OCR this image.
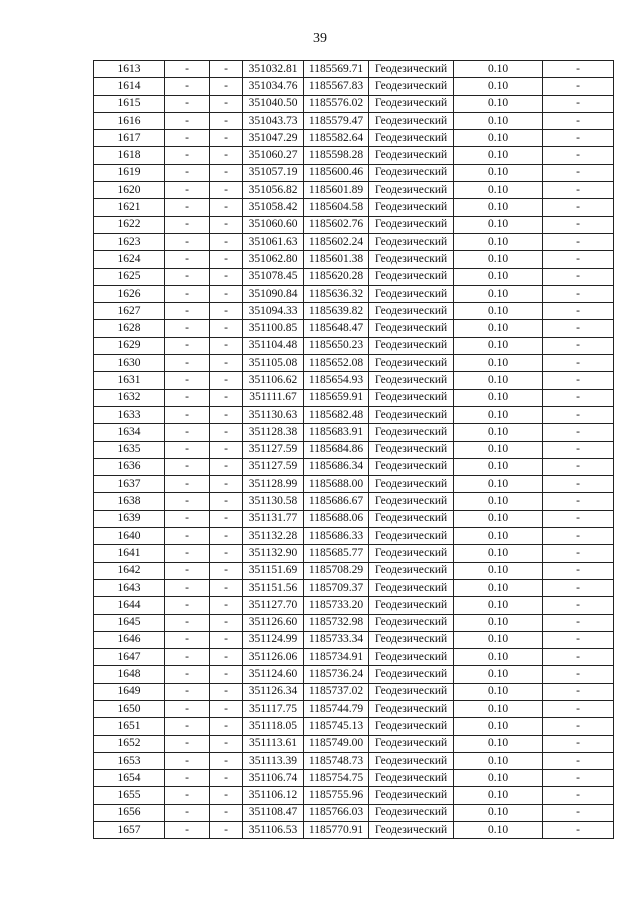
39
1613	-	-	351032.81	1185569.71	Геодезический	0.10	-
1614	-	-	351034.76	1185567.83	Геодезический	0.10	-
1615	-	-	351040.50	1185576.02	Геодезический	0.10	-
1616	-	-	351043.73	1185579.47	Геодезический	0.10	-
1617	-	-	351047.29	1185582.64	Геодезический	0.10	-
1618	-	-	351060.27	1185598.28	Геодезический	0.10	-
1619	-	-	351057.19	1185600.46	Геодезический	0.10	-
1620	-	-	351056.82	1185601.89	Геодезический	0.10	-
1621	-	-	351058.42	1185604.58	Геодезический	0.10	-
1622	-	-	351060.60	1185602.76	Геодезический	0.10	-
1623	-	-	351061.63	1185602.24	Геодезический	0.10	-
1624	-	-	351062.80	1185601.38	Геодезический	0.10	-
1625	-	-	351078.45	1185620.28	Геодезический	0.10	-
1626	-	-	351090.84	1185636.32	Геодезический	0.10	-
1627	-	-	351094.33	1185639.82	Геодезический	0.10	-
1628	-	-	351100.85	1185648.47	Геодезический	0.10	-
1629	-	-	351104.48	1185650.23	Геодезический	0.10	-
1630	-	-	351105.08	1185652.08	Геодезический	0.10	-
1631	-	-	351106.62	1185654.93	Геодезический	0.10	-
1632	-	-	351111.67	1185659.91	Геодезический	0.10	-
1633	-	-	351130.63	1185682.48	Геодезический	0.10	-
1634	-	-	351128.38	1185683.91	Геодезический	0.10	-
1635	-	-	351127.59	1185684.86	Геодезический	0.10	-
1636	-	-	351127.59	1185686.34	Геодезический	0.10	-
1637	-	-	351128.99	1185688.00	Геодезический	0.10	-
1638	-	-	351130.58	1185686.67	Геодезический	0.10	-
1639	-	-	351131.77	1185688.06	Геодезический	0.10	-
1640	-	-	351132.28	1185686.33	Геодезический	0.10	-
1641	-	-	351132.90	1185685.77	Геодезический	0.10	-
1642	-	-	351151.69	1185708.29	Геодезический	0.10	-
1643	-	-	351151.56	1185709.37	Геодезический	0.10	-
1644	-	-	351127.70	1185733.20	Геодезический	0.10	-
1645	-	-	351126.60	1185732.98	Геодезический	0.10	-
1646	-	-	351124.99	1185733.34	Геодезический	0.10	-
1647	-	-	351126.06	1185734.91	Геодезический	0.10	-
1648	-	-	351124.60	1185736.24	Геодезический	0.10	-
1649	-	-	351126.34	1185737.02	Геодезический	0.10	-
1650	-	-	351117.75	1185744.79	Геодезический	0.10	-
1651	-	-	351118.05	1185745.13	Геодезический	0.10	-
1652	-	-	351113.61	1185749.00	Геодезический	0.10	-
1653	-	-	351113.39	1185748.73	Геодезический	0.10	-
1654	-	-	351106.74	1185754.75	Геодезический	0.10	-
1655	-	-	351106.12	1185755.96	Геодезический	0.10	-
1656	-	-	351108.47	1185766.03	Геодезический	0.10	-
1657	-	-	351106.53	1185770.91	Геодезический	0.10	-
